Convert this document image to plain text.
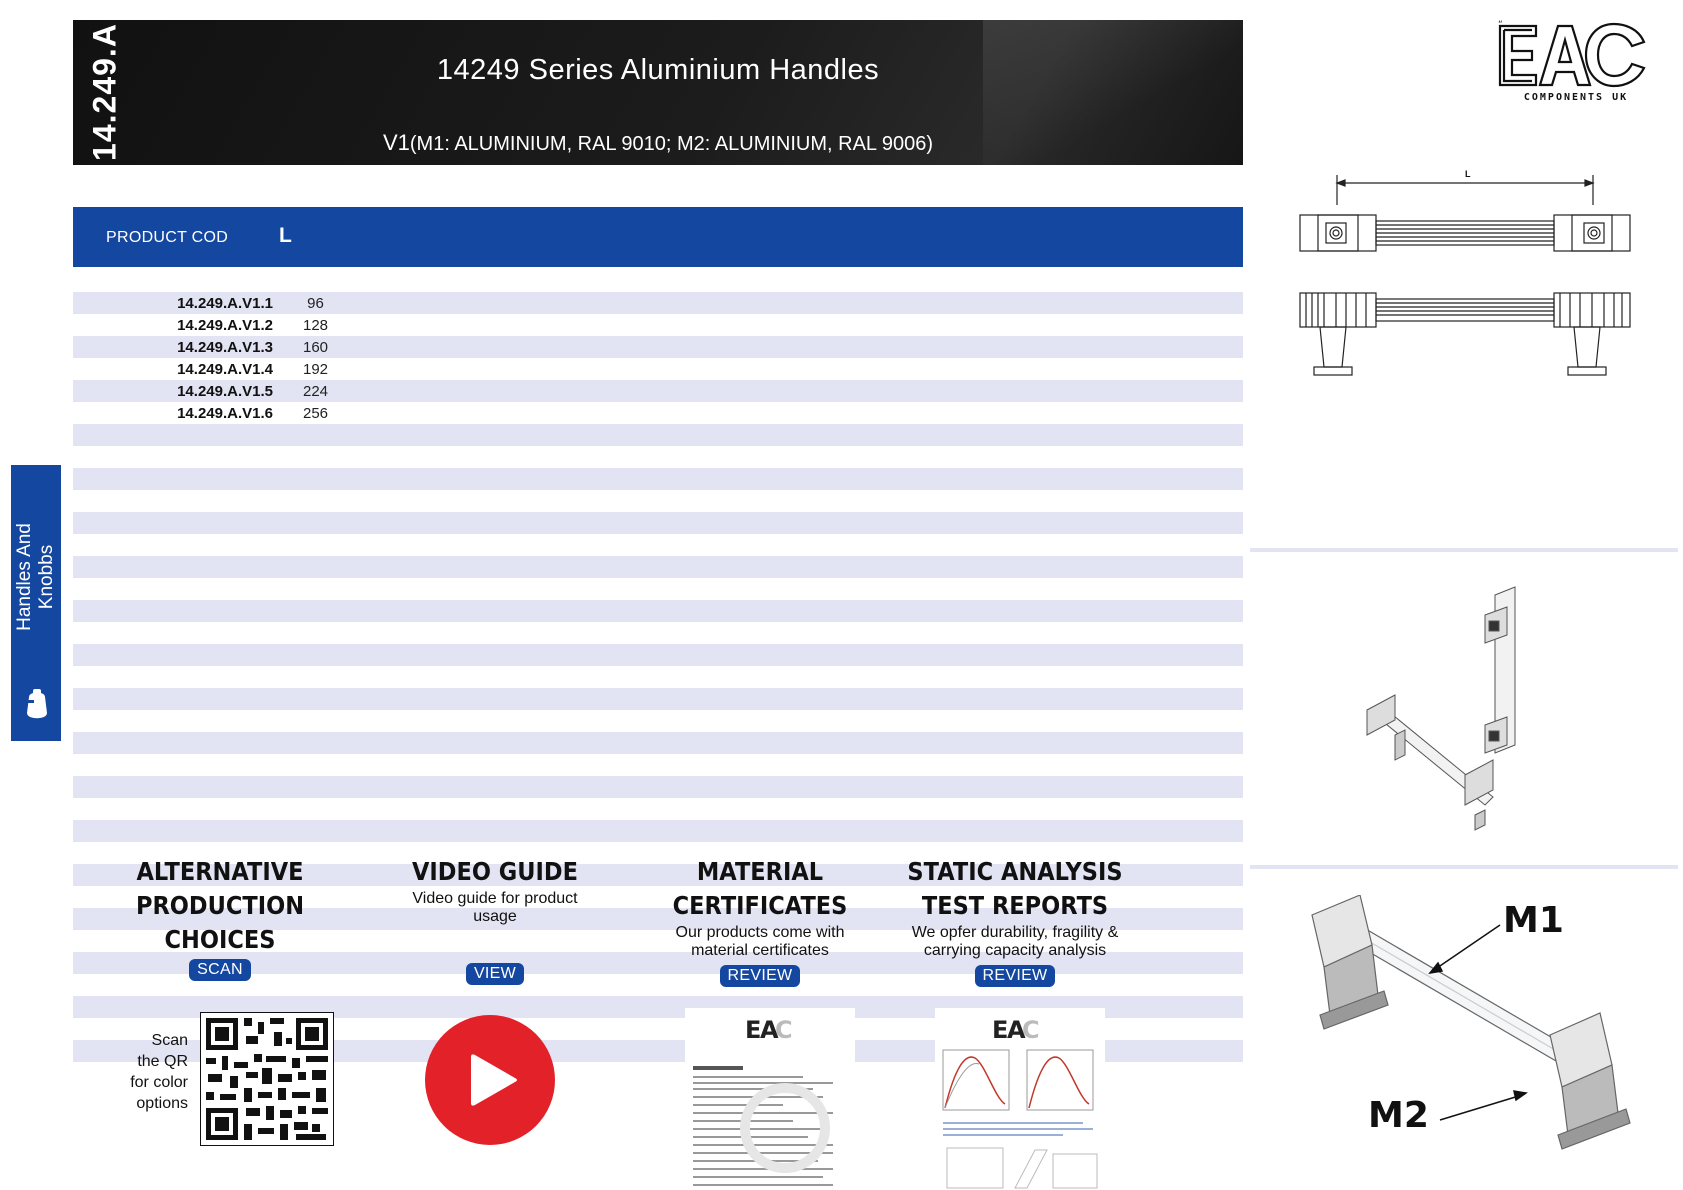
14.249.A	14249 Series Aluminium Handles
V1(M1: ALUMINIUM, RAL 9010; M2: ALUMINIUM, RAL 9006)
“
COMPONENTS UK
PRODUCT COD L
14.249.A.V1.1	96
14.249.A.V1.2	128
14.249.A.V1.3	160
14.249.A.V1.4	192
14.249.A.V1.5	224
14.249.A.V1.6	256
Handles And
Knobbs
L
M1
M2
ALTERNATIVE
PRODUCTION
CHOICES
SCAN
Scan
the QR
for color
options
VIDEO GUIDE
Video guide for product
usage
VIEW
MATERIAL
CERTIFICATES
Our products come with
material certificates
REVIEW
E
A
C
STATIC ANALYSIS
TEST REPORTS
We opfer durability, fragility &
carrying capacity analysis
REVIEW
E
A
C
